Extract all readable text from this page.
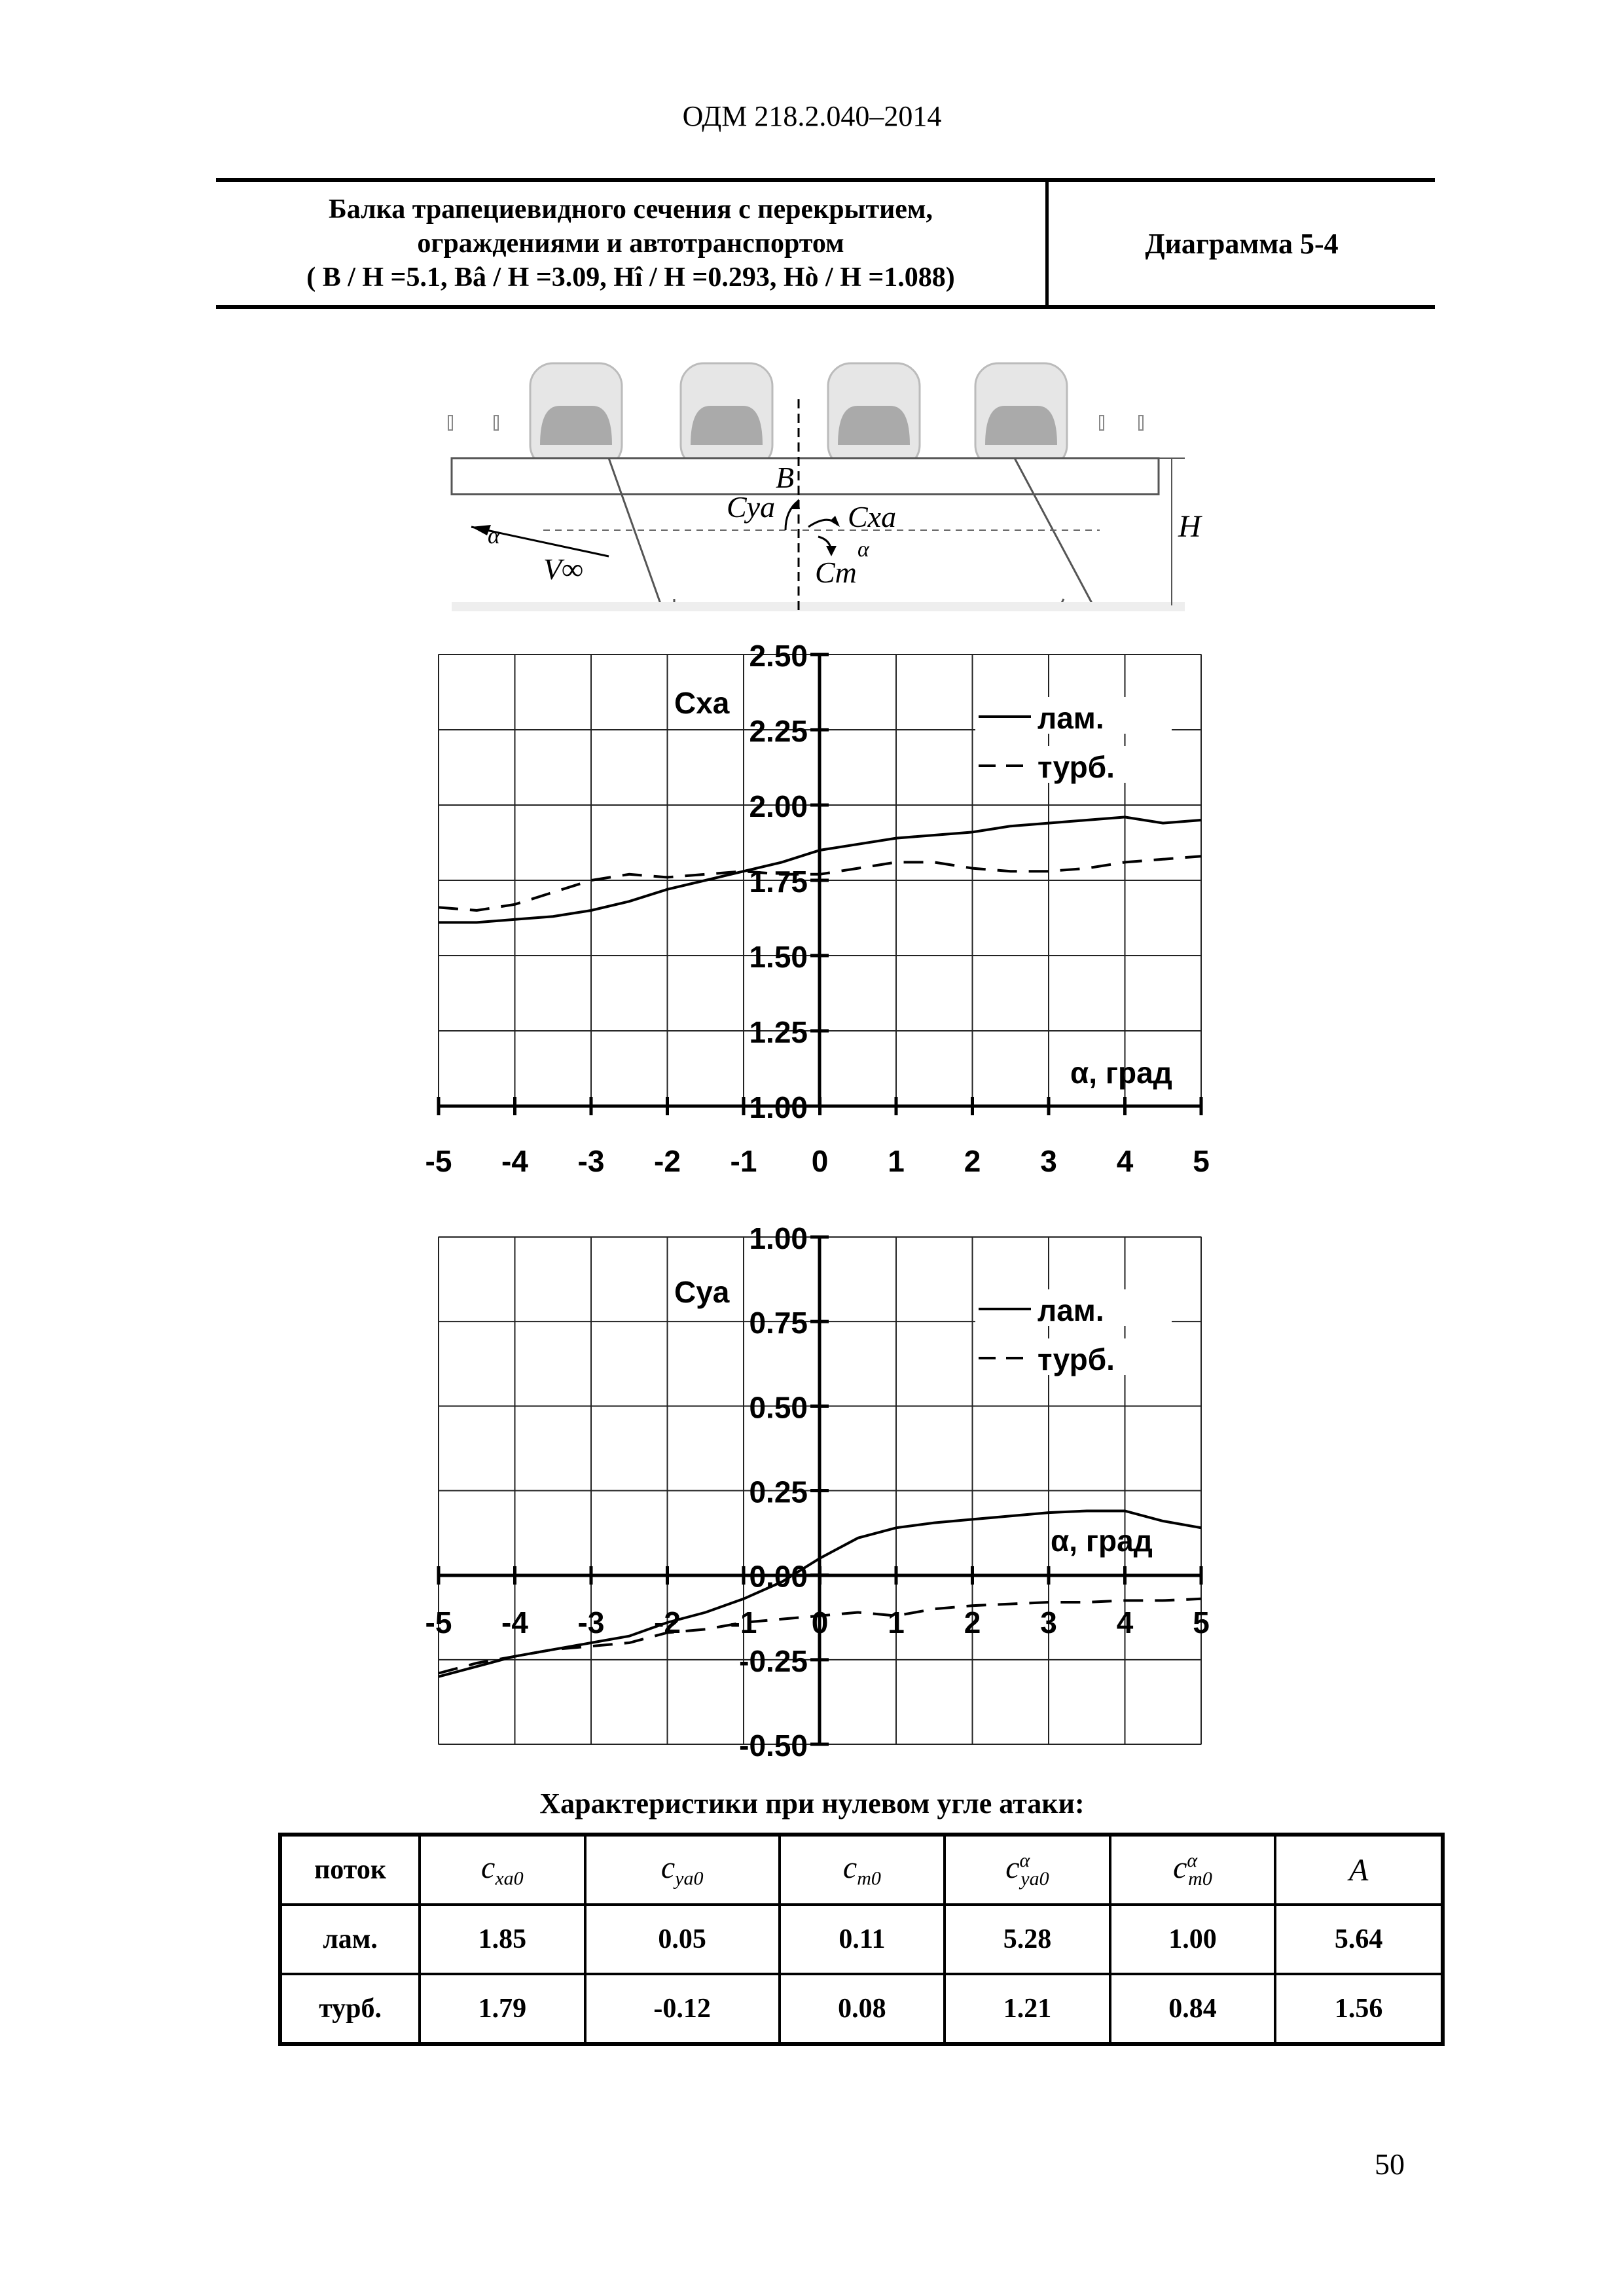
ОДМ 218.2.040–2014
Балка трапециевидного сечения с перекрытием,
ограждениями и автотранспортом
( B / H =5.1, Bâ / H =3.09, Hî / H =0.293, Hò / H =1.088)
Диаграмма 5-4
H
α
V∞
B
Cya Cxa
α
Cm
2.50
2.25
2.00
1.75
1.50
1.25
1.00
-5 -4 -3 -2 -1 0 1 2 3 4 5
Cxa
α, град
лам.
турб.
1.00
0.75
0.50
0.25
0.00
-0.25
-0.50
-5 -4 -3 -2 -1 0 1 2 3 4 5
Cya
α, град
лам.
турб.
Характеристики при нулевом угле атаки:
поток	$c_{xa0}$	$c_{ya0}$	$c_{m0}$	$c^\alpha_{ya0}$	$c^\alpha_{m0}$	A
лам.	1.85	0.05	0.11	5.28	1.00	5.64
турб.	1.79	-0.12	0.08	1.21	0.84	1.56
50
